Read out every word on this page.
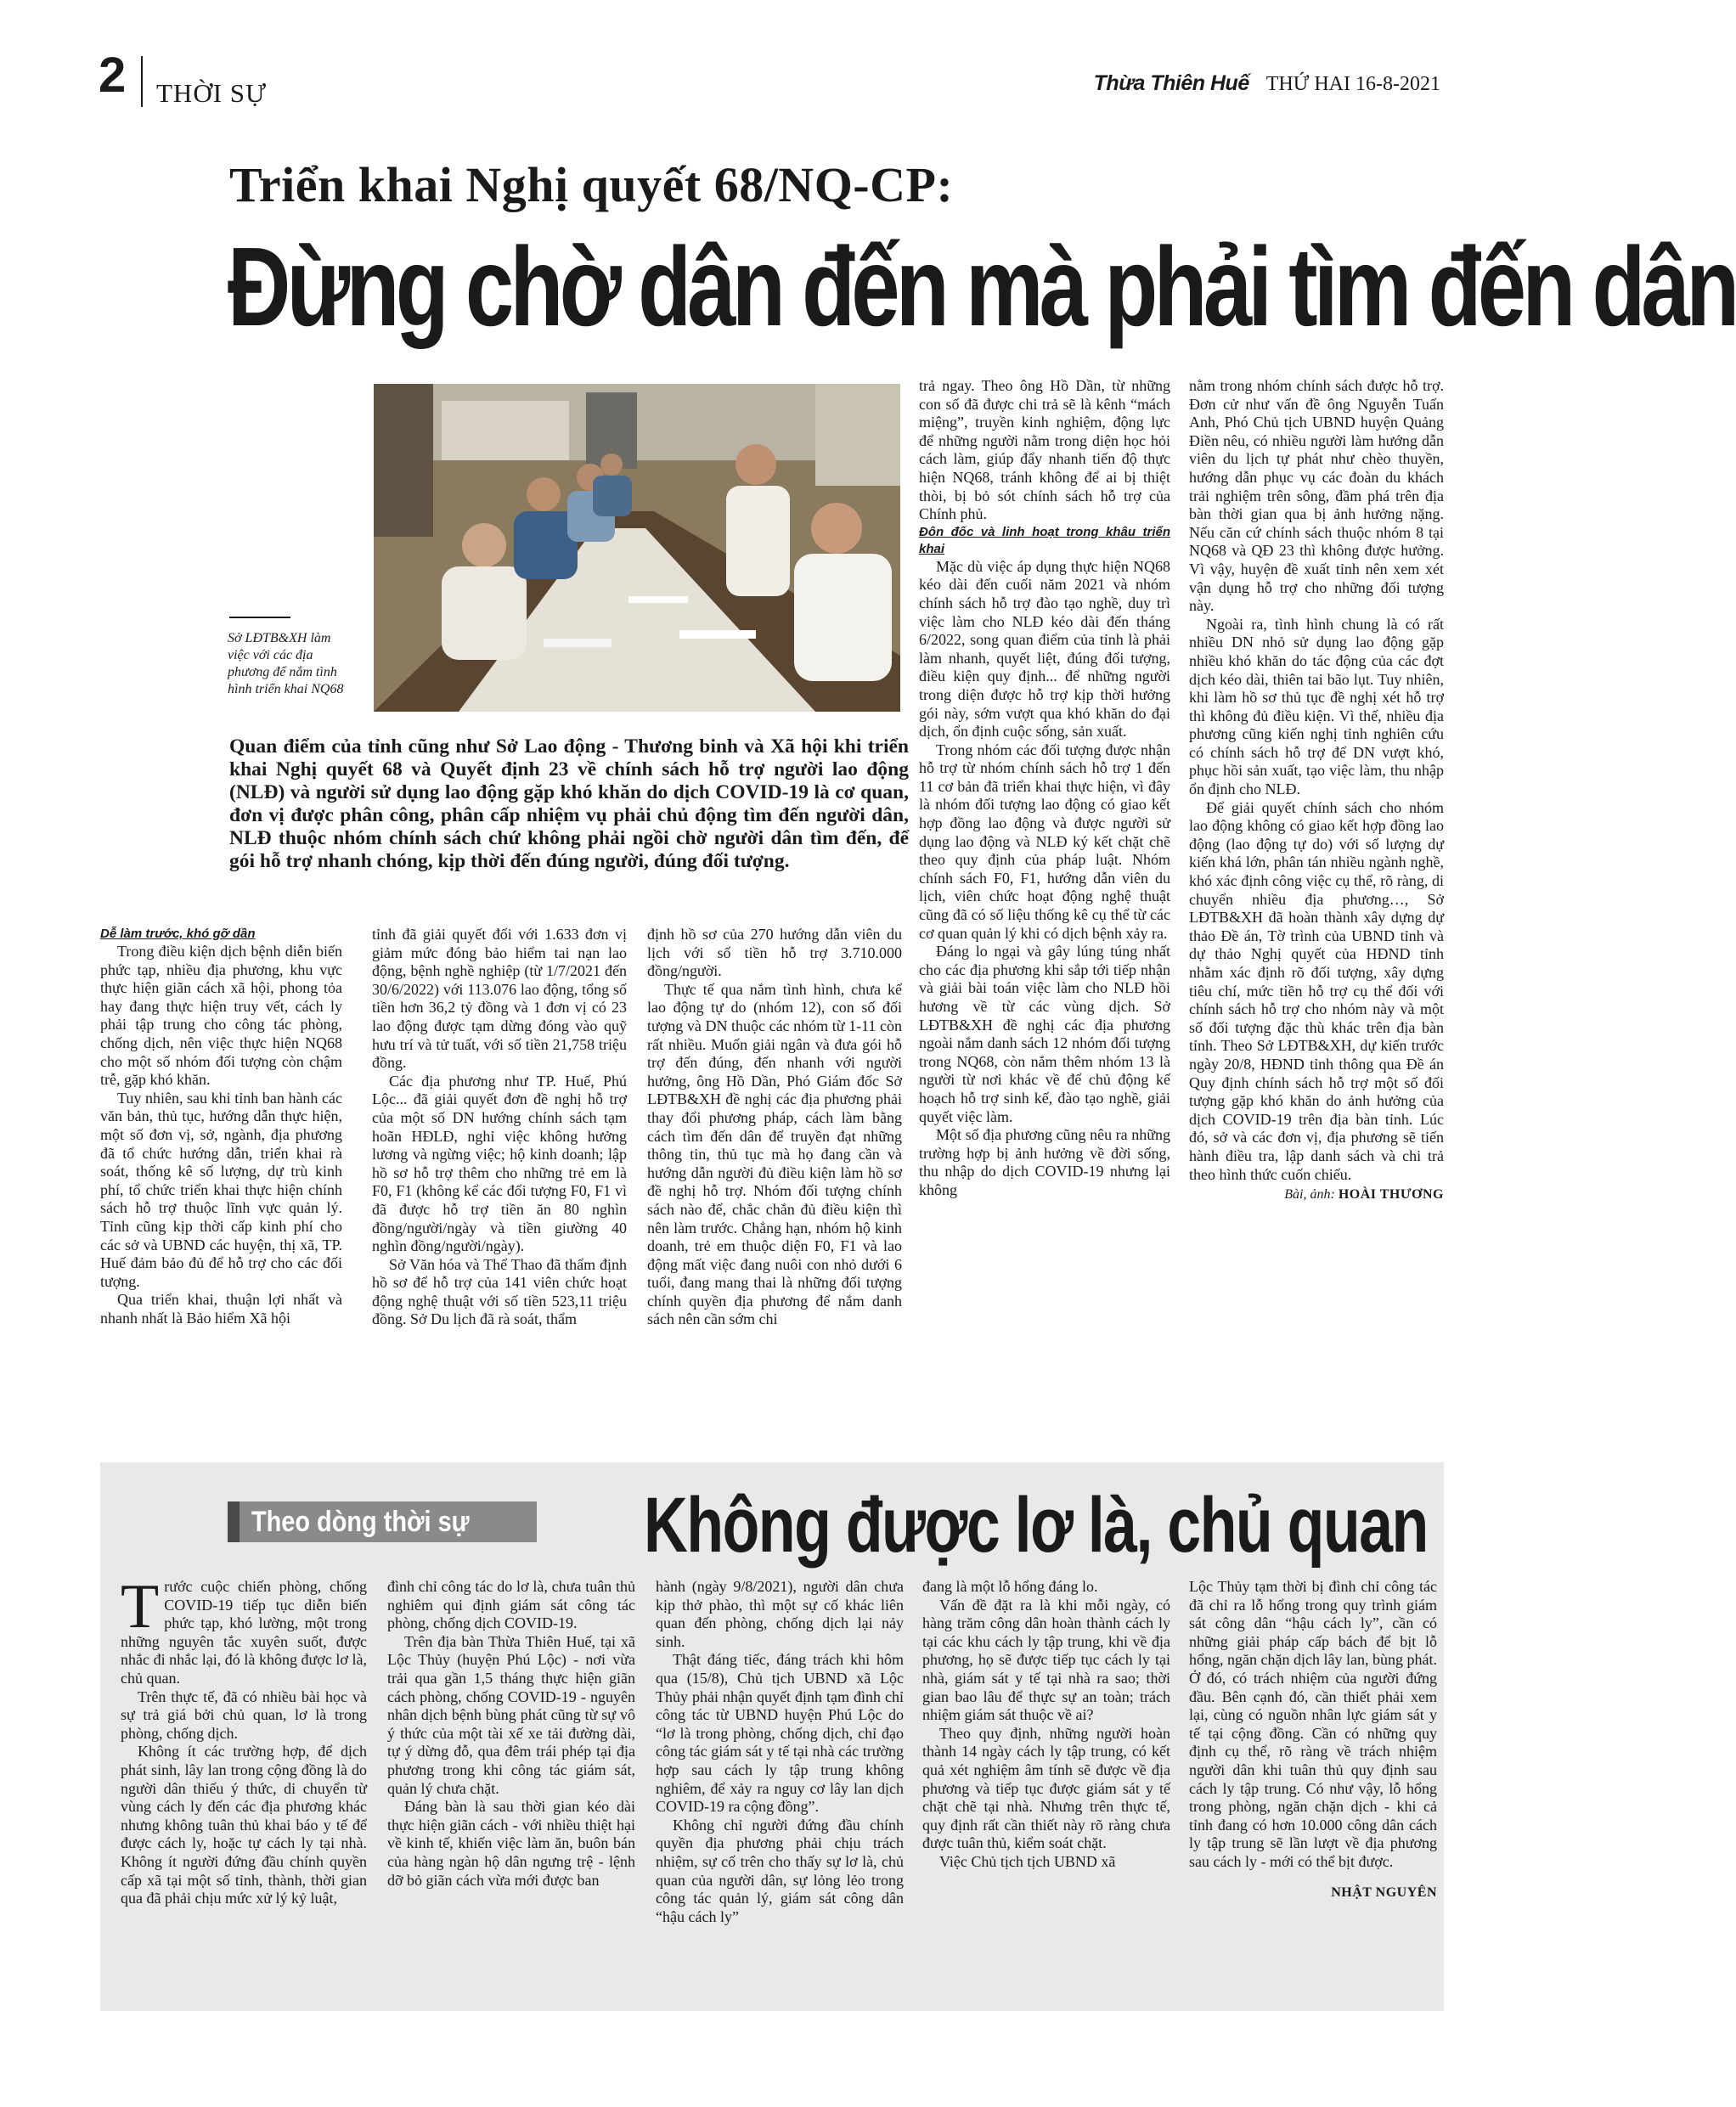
2 THỜI SỰ	Thừa Thiên Huế THỨ HAI 16-8-2021
Triển khai Nghị quyết 68/NQ-CP:
Đừng chờ dân đến mà phải tìm đến dân
Sở LĐTB&XH làm việc với các địa phương để nắm tình hình triển khai NQ68
Quan điểm của tỉnh cũng như Sở Lao động - Thương binh và Xã hội khi triển khai Nghị quyết 68 và Quyết định 23 về chính sách hỗ trợ người lao động (NLĐ) và người sử dụng lao động gặp khó khăn do dịch COVID-19 là cơ quan, đơn vị được phân công, phân cấp nhiệm vụ phải chủ động tìm đến người dân, NLĐ thuộc nhóm chính sách chứ không phải ngồi chờ người dân tìm đến, để gói hỗ trợ nhanh chóng, kịp thời đến đúng người, đúng đối tượng.
Dễ làm trước, khó gỡ dần

Trong điều kiện dịch bệnh diễn biến phức tạp, nhiều địa phương, khu vực thực hiện giãn cách xã hội, phong tỏa hay đang thực hiện truy vết, cách ly phải tập trung cho công tác phòng, chống dịch, nên việc thực hiện NQ68 cho một số nhóm đối tượng còn chậm trễ, gặp khó khăn.

Tuy nhiên, sau khi tỉnh ban hành các văn bản, thủ tục, hướng dẫn thực hiện, một số đơn vị, sở, ngành, địa phương đã tổ chức hướng dẫn, triển khai rà soát, thống kê số lượng, dự trù kinh phí, tổ chức triển khai thực hiện chính sách hỗ trợ thuộc lĩnh vực quản lý. Tỉnh cũng kịp thời cấp kinh phí cho các sở và UBND các huyện, thị xã, TP. Huế đảm bảo đủ để hỗ trợ cho các đối tượng.

Qua triển khai, thuận lợi nhất và nhanh nhất là Bảo hiểm Xã hội

tỉnh đã giải quyết đối với 1.633 đơn vị giảm mức đóng bảo hiểm tai nạn lao động, bệnh nghề nghiệp (từ 1/7/2021 đến 30/6/2022) với 113.076 lao động, tổng số tiền hơn 36,2 tỷ đồng và 1 đơn vị có 23 lao động được tạm dừng đóng vào quỹ hưu trí và tử tuất, với số tiền 21,758 triệu đồng.

Các địa phương như TP. Huế, Phú Lộc... đã giải quyết đơn đề nghị hỗ trợ của một số DN hướng chính sách tạm hoãn HĐLĐ, nghỉ việc không hưởng lương và ngừng việc; hộ kinh doanh; lập hồ sơ hỗ trợ thêm cho những trẻ em là F0, F1 (không kể các đối tượng F0, F1 vì đã được hỗ trợ tiền ăn 80 nghìn đồng/người/ngày và tiền giường 40 nghìn đồng/người/ngày).

Sở Văn hóa và Thể Thao đã thẩm định hồ sơ để hỗ trợ của 141 viên chức hoạt động nghệ thuật với số tiền 523,11 triệu đồng. Sở Du lịch đã rà soát, thẩm

định hồ sơ của 270 hướng dẫn viên du lịch với số tiền hỗ trợ 3.710.000 đồng/người.

Thực tế qua nắm tình hình, chưa kể lao động tự do (nhóm 12), con số đối tượng và DN thuộc các nhóm từ 1-11 còn rất nhiều. Muốn giải ngân và đưa gói hỗ trợ đến đúng, đến nhanh với người hưởng, ông Hồ Dần, Phó Giám đốc Sở LĐTB&XH đề nghị các địa phương phải thay đổi phương pháp, cách làm bằng cách tìm đến dân để truyền đạt những thông tin, thủ tục mà họ đang cần và hướng dẫn người đủ điều kiện làm hồ sơ đề nghị hỗ trợ. Nhóm đối tượng chính sách nào để, chắc chắn đủ điều kiện thì nên làm trước. Chẳng hạn, nhóm hộ kinh doanh, trẻ em thuộc diện F0, F1 và lao động mất việc đang nuôi con nhỏ dưới 6 tuổi, đang mang thai là những đối tượng chính quyền địa phương để nắm danh sách nên cần sớm chi

trả ngay. Theo ông Hồ Dần, từ những con số đã được chi trả sẽ là kênh “mách miệng”, truyền kinh nghiệm, động lực để những người nằm trong diện học hỏi cách làm, giúp đẩy nhanh tiến độ thực hiện NQ68, tránh không để ai bị thiệt thòi, bị bỏ sót chính sách hỗ trợ của Chính phủ.

Đôn đốc và linh hoạt trong khâu triển khai

Mặc dù việc áp dụng thực hiện NQ68 kéo dài đến cuối năm 2021 và nhóm chính sách hỗ trợ đào tạo nghề, duy trì việc làm cho NLĐ kéo dài đến tháng 6/2022, song quan điểm của tỉnh là phải làm nhanh, quyết liệt, đúng đối tượng, điều kiện quy định... để những người trong diện được hỗ trợ kịp thời hưởng gói này, sớm vượt qua khó khăn do đại dịch, ổn định cuộc sống, sản xuất.

Trong nhóm các đối tượng được nhận hỗ trợ từ nhóm chính sách hỗ trợ 1 đến 11 cơ bản đã triển khai thực hiện, vì đây là nhóm đối tượng lao động có giao kết hợp đồng lao động và được người sử dụng lao động và NLĐ ký kết chặt chẽ theo quy định của pháp luật. Nhóm chính sách F0, F1, hướng dẫn viên du lịch, viên chức hoạt động nghệ thuật cũng đã có số liệu thống kê cụ thể từ các cơ quan quản lý khi có dịch bệnh xảy ra.

Đáng lo ngại và gây lúng túng nhất cho các địa phương khi sắp tới tiếp nhận và giải bài toán việc làm cho NLĐ hồi hương về từ các vùng dịch. Sở LĐTB&XH đề nghị các địa phương ngoài nắm danh sách 12 nhóm đối tượng trong NQ68, còn nắm thêm nhóm 13 là người từ nơi khác về để chủ động kế hoạch hỗ trợ sinh kế, đào tạo nghề, giải quyết việc làm.

Một số địa phương cũng nêu ra những trường hợp bị ảnh hưởng về đời sống, thu nhập do dịch COVID-19 nhưng lại không

nằm trong nhóm chính sách được hỗ trợ. Đơn cử như vấn đề ông Nguyễn Tuấn Anh, Phó Chủ tịch UBND huyện Quảng Điền nêu, có nhiều người làm hướng dẫn viên du lịch tự phát như chèo thuyền, hướng dẫn phục vụ các đoàn du khách trải nghiệm trên sông, đầm phá trên địa bàn thời gian qua bị ảnh hưởng nặng. Nếu căn cứ chính sách thuộc nhóm 8 tại NQ68 và QĐ 23 thì không được hưởng. Vì vậy, huyện đề xuất tỉnh nên xem xét vận dụng hỗ trợ cho những đối tượng này.

Ngoài ra, tình hình chung là có rất nhiều DN nhỏ sử dụng lao động gặp nhiều khó khăn do tác động của các đợt dịch kéo dài, thiên tai bão lụt. Tuy nhiên, khi làm hồ sơ thủ tục đề nghị xét hỗ trợ thì không đủ điều kiện. Vì thế, nhiều địa phương cũng kiến nghị tỉnh nghiên cứu có chính sách hỗ trợ để DN vượt khó, phục hồi sản xuất, tạo việc làm, thu nhập ổn định cho NLĐ.

Để giải quyết chính sách cho nhóm lao động không có giao kết hợp đồng lao động (lao động tự do) với số lượng dự kiến khá lớn, phân tán nhiều ngành nghề, khó xác định công việc cụ thể, rõ ràng, di chuyển nhiều địa phương…, Sở LĐTB&XH đã hoàn thành xây dựng dự thảo Đề án, Tờ trình của UBND tỉnh và dự thảo Nghị quyết của HĐND tỉnh nhằm xác định rõ đối tượng, xây dựng tiêu chí, mức tiền hỗ trợ cụ thể đối với chính sách hỗ trợ cho nhóm này và một số đối tượng đặc thù khác trên địa bàn tỉnh. Theo Sở LĐTB&XH, dự kiến trước ngày 20/8, HĐND tỉnh thông qua Đề án Quy định chính sách hỗ trợ một số đối tượng gặp khó khăn do ảnh hưởng của dịch COVID-19 trên địa bàn tỉnh. Lúc đó, sở và các đơn vị, địa phương sẽ tiến hành điều tra, lập danh sách và chi trả theo hình thức cuốn chiếu.

Bài, ảnh: HOÀI THƯƠNG
Theo dòng thời sự	Không được lơ là, chủ quan

Trước cuộc chiến phòng, chống COVID-19 tiếp tục diễn biến phức tạp, khó lường, một trong những nguyên tắc xuyên suốt, được nhắc đi nhắc lại, đó là không được lơ là, chủ quan.

Trên thực tế, đã có nhiều bài học và sự trả giá bởi chủ quan, lơ là trong phòng, chống dịch.

Không ít các trường hợp, để dịch phát sinh, lây lan trong cộng đồng là do người dân thiếu ý thức, di chuyển từ vùng cách ly đến các địa phương khác nhưng không tuân thủ khai báo y tế để được cách ly, hoặc tự cách ly tại nhà. Không ít người đứng đầu chính quyền cấp xã tại một số tỉnh, thành, thời gian qua đã phải chịu mức xử lý kỷ luật,

đình chỉ công tác do lơ là, chưa tuân thủ nghiêm qui định giám sát công tác phòng, chống dịch COVID-19.

Trên địa bàn Thừa Thiên Huế, tại xã Lộc Thủy (huyện Phú Lộc) - nơi vừa trải qua gần 1,5 tháng thực hiện giãn cách phòng, chống COVID-19 - nguyên nhân dịch bệnh bùng phát cũng từ sự vô ý thức của một tài xế xe tải đường dài, tự ý dừng đỗ, qua đêm trái phép tại địa phương trong khi công tác giám sát, quản lý chưa chặt.

Đáng bàn là sau thời gian kéo dài thực hiện giãn cách - với nhiều thiệt hại về kinh tế, khiến việc làm ăn, buôn bán của hàng ngàn hộ dân ngưng trệ - lệnh dỡ bỏ giãn cách vừa mới được ban

hành (ngày 9/8/2021), người dân chưa kịp thở phào, thì một sự cố khác liên quan đến phòng, chống dịch lại nảy sinh.

Thật đáng tiếc, đáng trách khi hôm qua (15/8), Chủ tịch UBND xã Lộc Thủy phải nhận quyết định tạm đình chỉ công tác từ UBND huyện Phú Lộc do “lơ là trong phòng, chống dịch, chỉ đạo công tác giám sát y tế tại nhà các trường hợp sau cách ly tập trung không nghiêm, để xảy ra nguy cơ lây lan dịch COVID-19 ra cộng đồng”.

Không chỉ người đứng đầu chính quyền địa phương phải chịu trách nhiệm, sự cố trên cho thấy sự lơ là, chủ quan của người dân, sự lỏng lẻo trong công tác quản lý, giám sát công dân “hậu cách ly”

đang là một lỗ hổng đáng lo.

Vấn đề đặt ra là khi mỗi ngày, có hàng trăm công dân hoàn thành cách ly tại các khu cách ly tập trung, khi về địa phương, họ sẽ được tiếp tục cách ly tại nhà, giám sát y tế tại nhà ra sao; thời gian bao lâu để thực sự an toàn; trách nhiệm giám sát thuộc về ai?

Theo quy định, những người hoàn thành 14 ngày cách ly tập trung, có kết quả xét nghiệm âm tính sẽ được về địa phương và tiếp tục được giám sát y tế chặt chẽ tại nhà. Nhưng trên thực tế, quy định rất cần thiết này rõ ràng chưa được tuân thủ, kiểm soát chặt.

Việc Chủ tịch tịch UBND xã

Lộc Thủy tạm thời bị đình chỉ công tác đã chỉ ra lỗ hổng trong quy trình giám sát công dân “hậu cách ly”, cần có những giải pháp cấp bách để bịt lỗ hổng, ngăn chặn dịch lây lan, bùng phát. Ở đó, có trách nhiệm của người đứng đầu. Bên cạnh đó, cần thiết phải xem lại, cùng có nguồn nhân lực giám sát y tế tại cộng đồng. Cần có những quy định cụ thể, rõ ràng về trách nhiệm người dân khi tuân thủ quy định sau cách ly tập trung. Có như vậy, lỗ hổng trong phòng, ngăn chặn dịch - khi cả tỉnh đang có hơn 10.000 công dân cách ly tập trung sẽ lần lượt về địa phương sau cách ly - mới có thể bịt được.

NHẬT NGUYÊN
